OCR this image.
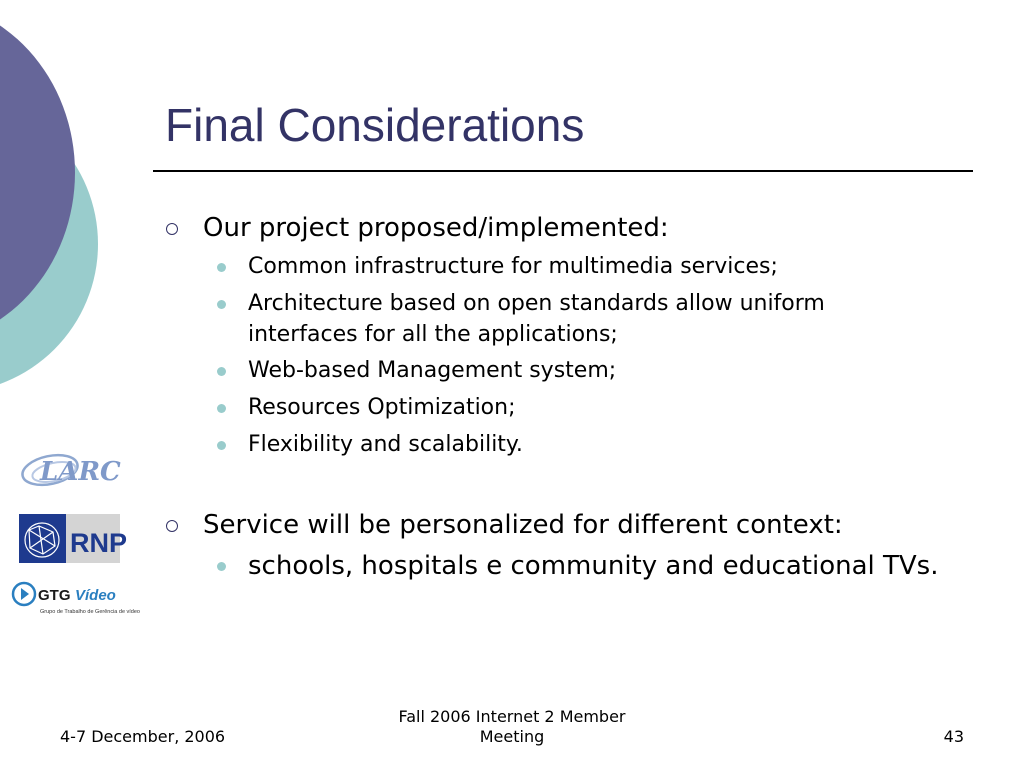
Final Considerations
Our project proposed/implemented:
Common infrastructure for multimedia services;
Architecture based on open standards allow uniform interfaces for all the applications;
Web-based Management system;
Resources Optimization;
Flexibility and scalability.
Service will be personalized for different context:
schools, hospitals e community and educational TVs.
LARC
RNP
GTG Vídeo
Grupo de Trabalho de Gerência de vídeo
4-7 December, 2006
Fall 2006 Internet 2 Member Meeting	43
